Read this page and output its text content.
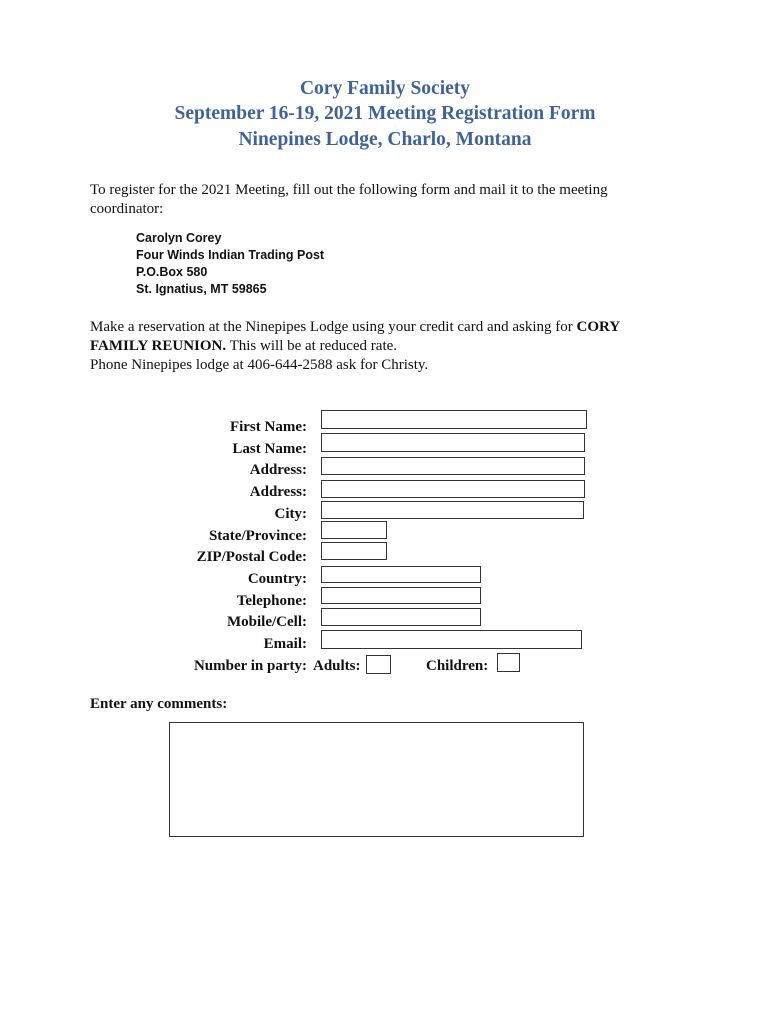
Cory Family Society
September 16-19, 2021 Meeting Registration Form
Ninepines Lodge, Charlo, Montana
To register for the 2021 Meeting, fill out the following form and mail it to the meeting
coordinator:
Carolyn Corey
Four Winds Indian Trading Post
P.O.Box 580
St. Ignatius, MT 59865
Make a reservation at the Ninepipes Lodge using your credit card and asking for CORY
FAMILY REUNION. This will be at reduced rate.
Phone Ninepipes lodge at 406-644-2588 ask for Christy.
First Name:
Last Name:
Address:
Address:
City:
State/Province:
ZIP/Postal Code:
Country:
Telephone:
Mobile/Cell:
Email:
Number in party: Adults:	Children:
Enter any comments:
